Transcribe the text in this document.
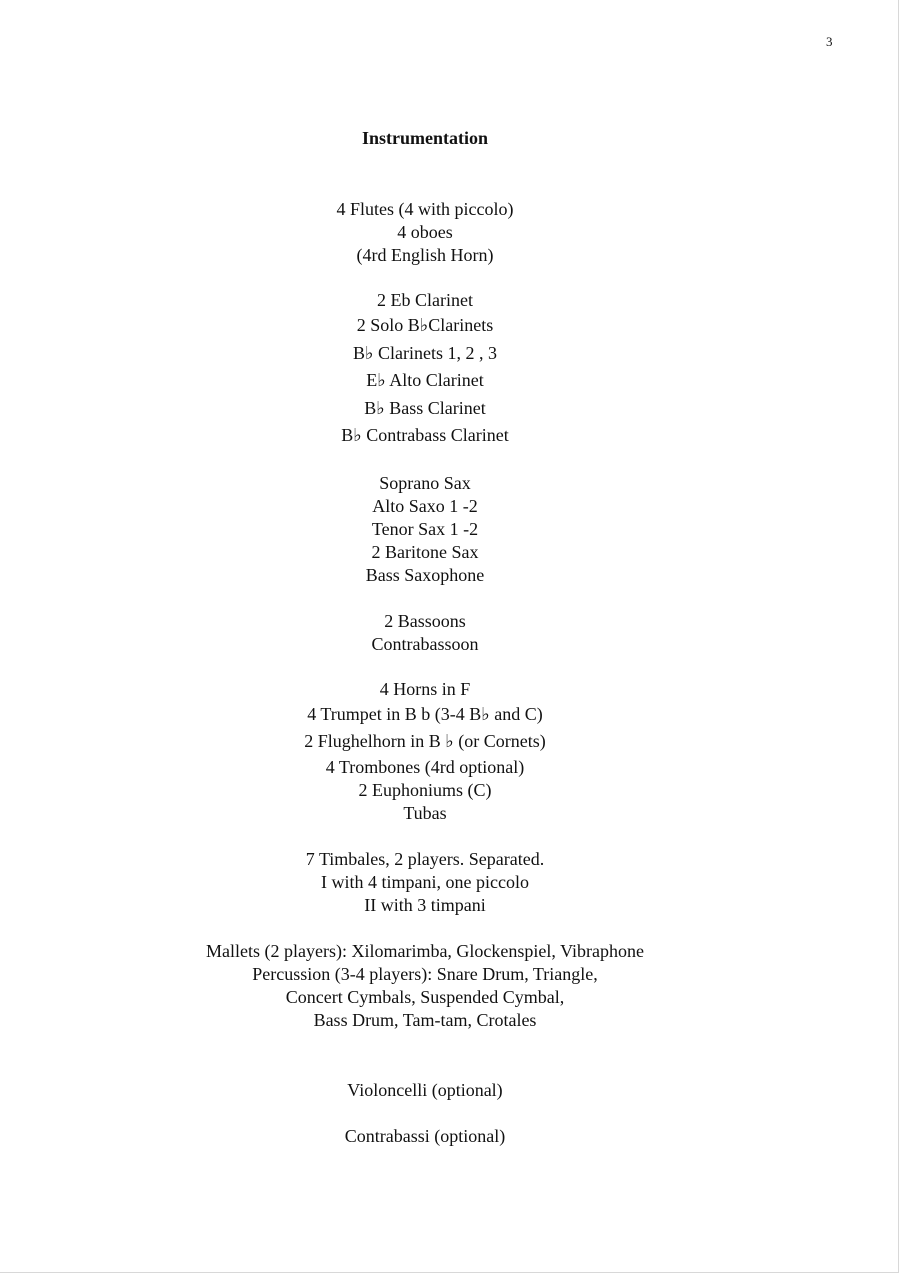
3
Instrumentation
4 Flutes (4 with piccolo)
4 oboes
(4rd English Horn)
2 Eb Clarinet
2 Solo B♭Clarinets
B♭ Clarinets 1, 2 , 3
E♭ Alto Clarinet
B♭ Bass Clarinet
B♭ Contrabass Clarinet
Soprano Sax
Alto Saxo 1 -2
Tenor Sax 1 -2
2 Baritone Sax
Bass Saxophone
2 Bassoons
Contrabassoon
4 Horns in F
4 Trumpet in B b (3-4 B♭ and C)
2 Flughelhorn in B ♭ (or Cornets)
4 Trombones (4rd optional)
2 Euphoniums (C)
Tubas
7 Timbales, 2 players. Separated.
I with 4 timpani, one piccolo
II with 3 timpani
Mallets (2 players): Xilomarimba, Glockenspiel, Vibraphone
Percussion (3-4 players): Snare Drum, Triangle,
Concert Cymbals, Suspended Cymbal,
Bass Drum, Tam-tam, Crotales
Violoncelli (optional)
Contrabassi (optional)
